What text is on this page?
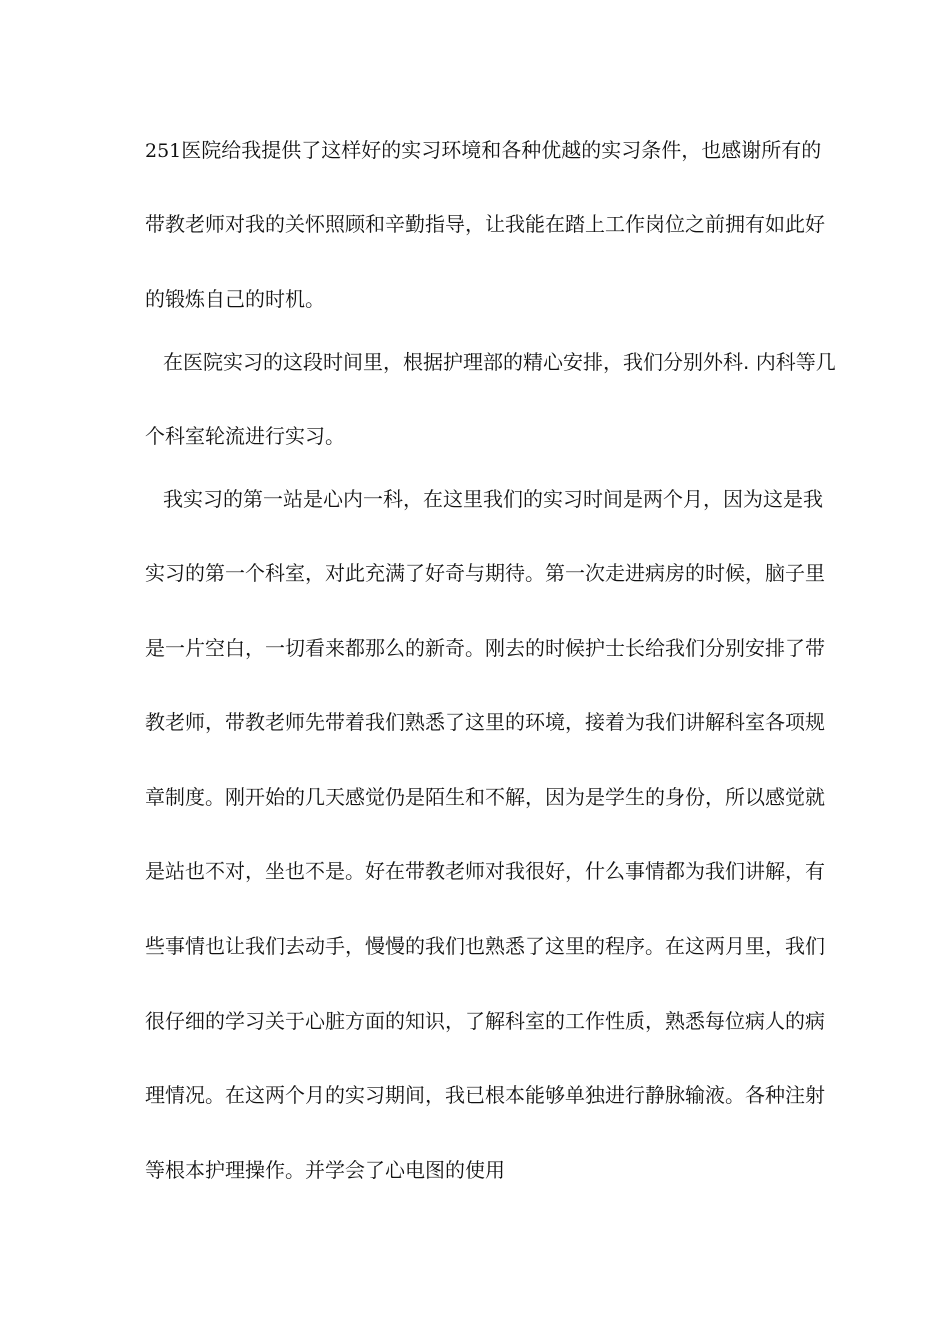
251医院给我提供了这样好的实习环境和各种优越的实习条件，也感谢所有的
带教老师对我的关怀照顾和辛勤指导，让我能在踏上工作岗位之前拥有如此好
的锻炼自己的时机。
在医院实习的这段时间里，根据护理部的精心安排，我们分别外科. 内科等几
个科室轮流进行实习。
我实习的第一站是心内一科，在这里我们的实习时间是两个月，因为这是我
实习的第一个科室，对此充满了好奇与期待。第一次走进病房的时候，脑子里
是一片空白，一切看来都那么的新奇。刚去的时候护士长给我们分别安排了带
教老师，带教老师先带着我们熟悉了这里的环境，接着为我们讲解科室各项规
章制度。刚开始的几天感觉仍是陌生和不解，因为是学生的身份，所以感觉就
是站也不对，坐也不是。好在带教老师对我很好，什么事情都为我们讲解，有
些事情也让我们去动手，慢慢的我们也熟悉了这里的程序。在这两月里，我们
很仔细的学习关于心脏方面的知识，了解科室的工作性质，熟悉每位病人的病
理情况。在这两个月的实习期间，我已根本能够单独进行静脉输液。各种注射
等根本护理操作。并学会了心电图的使用
